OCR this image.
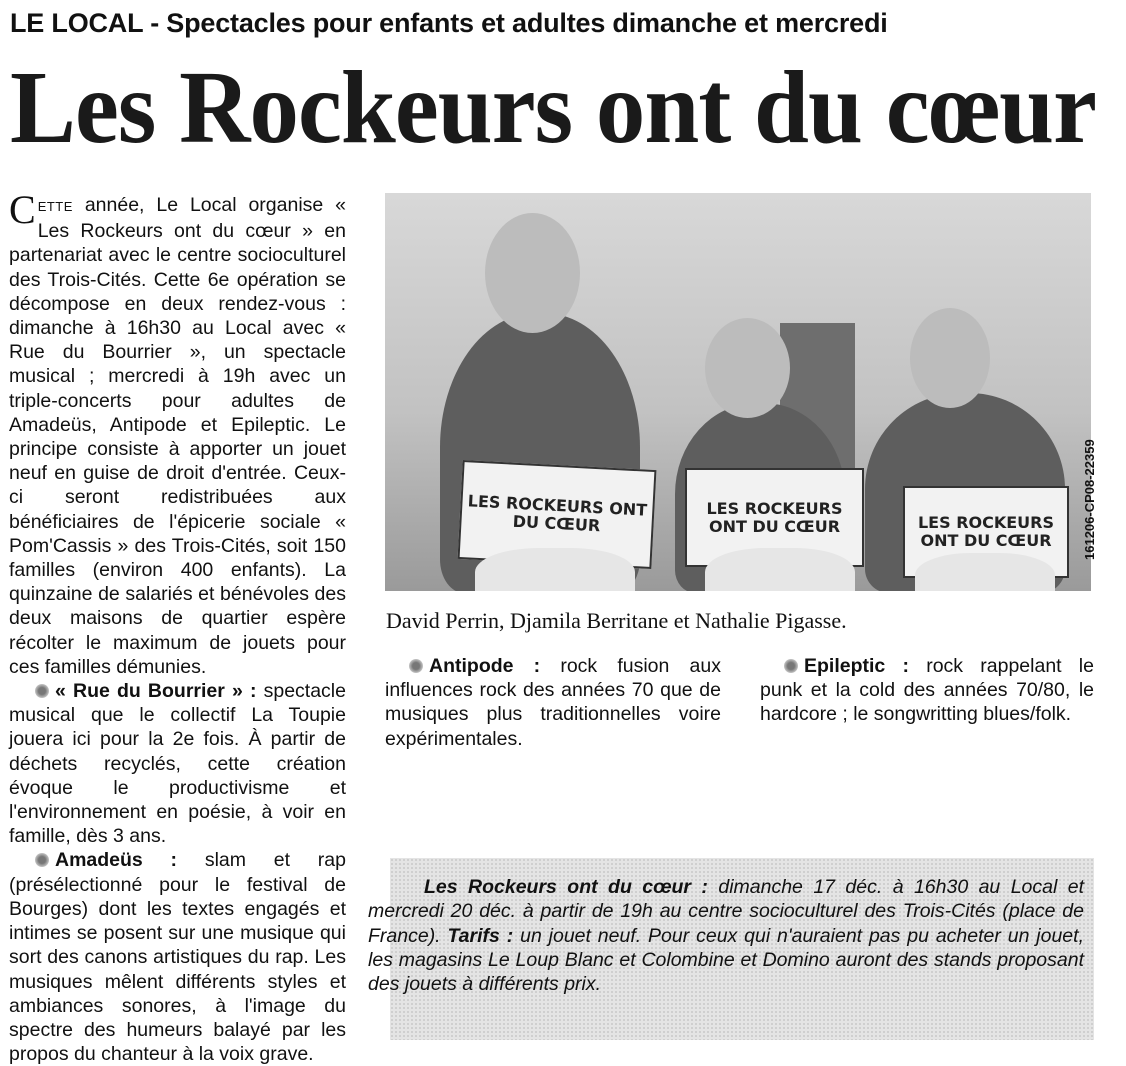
LE LOCAL - Spectacles pour enfants et adultes dimanche et mercredi
Les Rockeurs ont du cœur

CETTE année, Le Local organise « Les Rockeurs ont du cœur » en partenariat avec le centre socioculturel des Trois-Cités. Cette 6e opération se décompose en deux rendez-vous : dimanche à 16h30 au Local avec « Rue du Bourrier », un spectacle musical ; mercredi à 19h avec un triple-concerts pour adultes de Amadeüs, Antipode et Epileptic. Le principe consiste à apporter un jouet neuf en guise de droit d'entrée. Ceux-ci seront redistribuées aux bénéficiaires de l'épicerie sociale « Pom'Cassis » des Trois-Cités, soit 150 familles (environ 400 enfants). La quinzaine de salariés et bénévoles des deux maisons de quartier espère récolter le maximum de jouets pour ces familles démunies.

« Rue du Bourrier » : spectacle musical que le collectif La Toupie jouera ici pour la 2e fois. À partir de déchets recyclés, cette création évoque le productivisme et l'environnement en poésie, à voir en famille, dès 3 ans.

Amadeüs : slam et rap (présélectionné pour le festival de Bourges) dont les textes engagés et intimes se posent sur une musique qui sort des canons artistiques du rap. Les musiques mêlent différents styles et ambiances sonores, à l'image du spectre des humeurs balayé par les propos du chanteur à la voix grave.

LES ROCKEURS ONT DU CŒUR
LES ROCKEURS ONT DU CŒUR	LES ROCKEURS ONT DU CŒUR	161206-CP08-22359
David Perrin, Djamila Berritane et Nathalie Pigasse.

Antipode : rock fusion aux influences rock des années 70 que de musiques plus traditionnelles voire expérimentales.

Epileptic : rock rappelant le punk et la cold des années 70/80, le hardcore ; le songwritting blues/folk.

Les Rockeurs ont du cœur : dimanche 17 déc. à 16h30 au Local et mercredi 20 déc. à partir de 19h au centre socioculturel des Trois-Cités (place de France). Tarifs : un jouet neuf. Pour ceux qui n'auraient pas pu acheter un jouet, les magasins Le Loup Blanc et Colombine et Domino auront des stands proposant des jouets à différents prix.
